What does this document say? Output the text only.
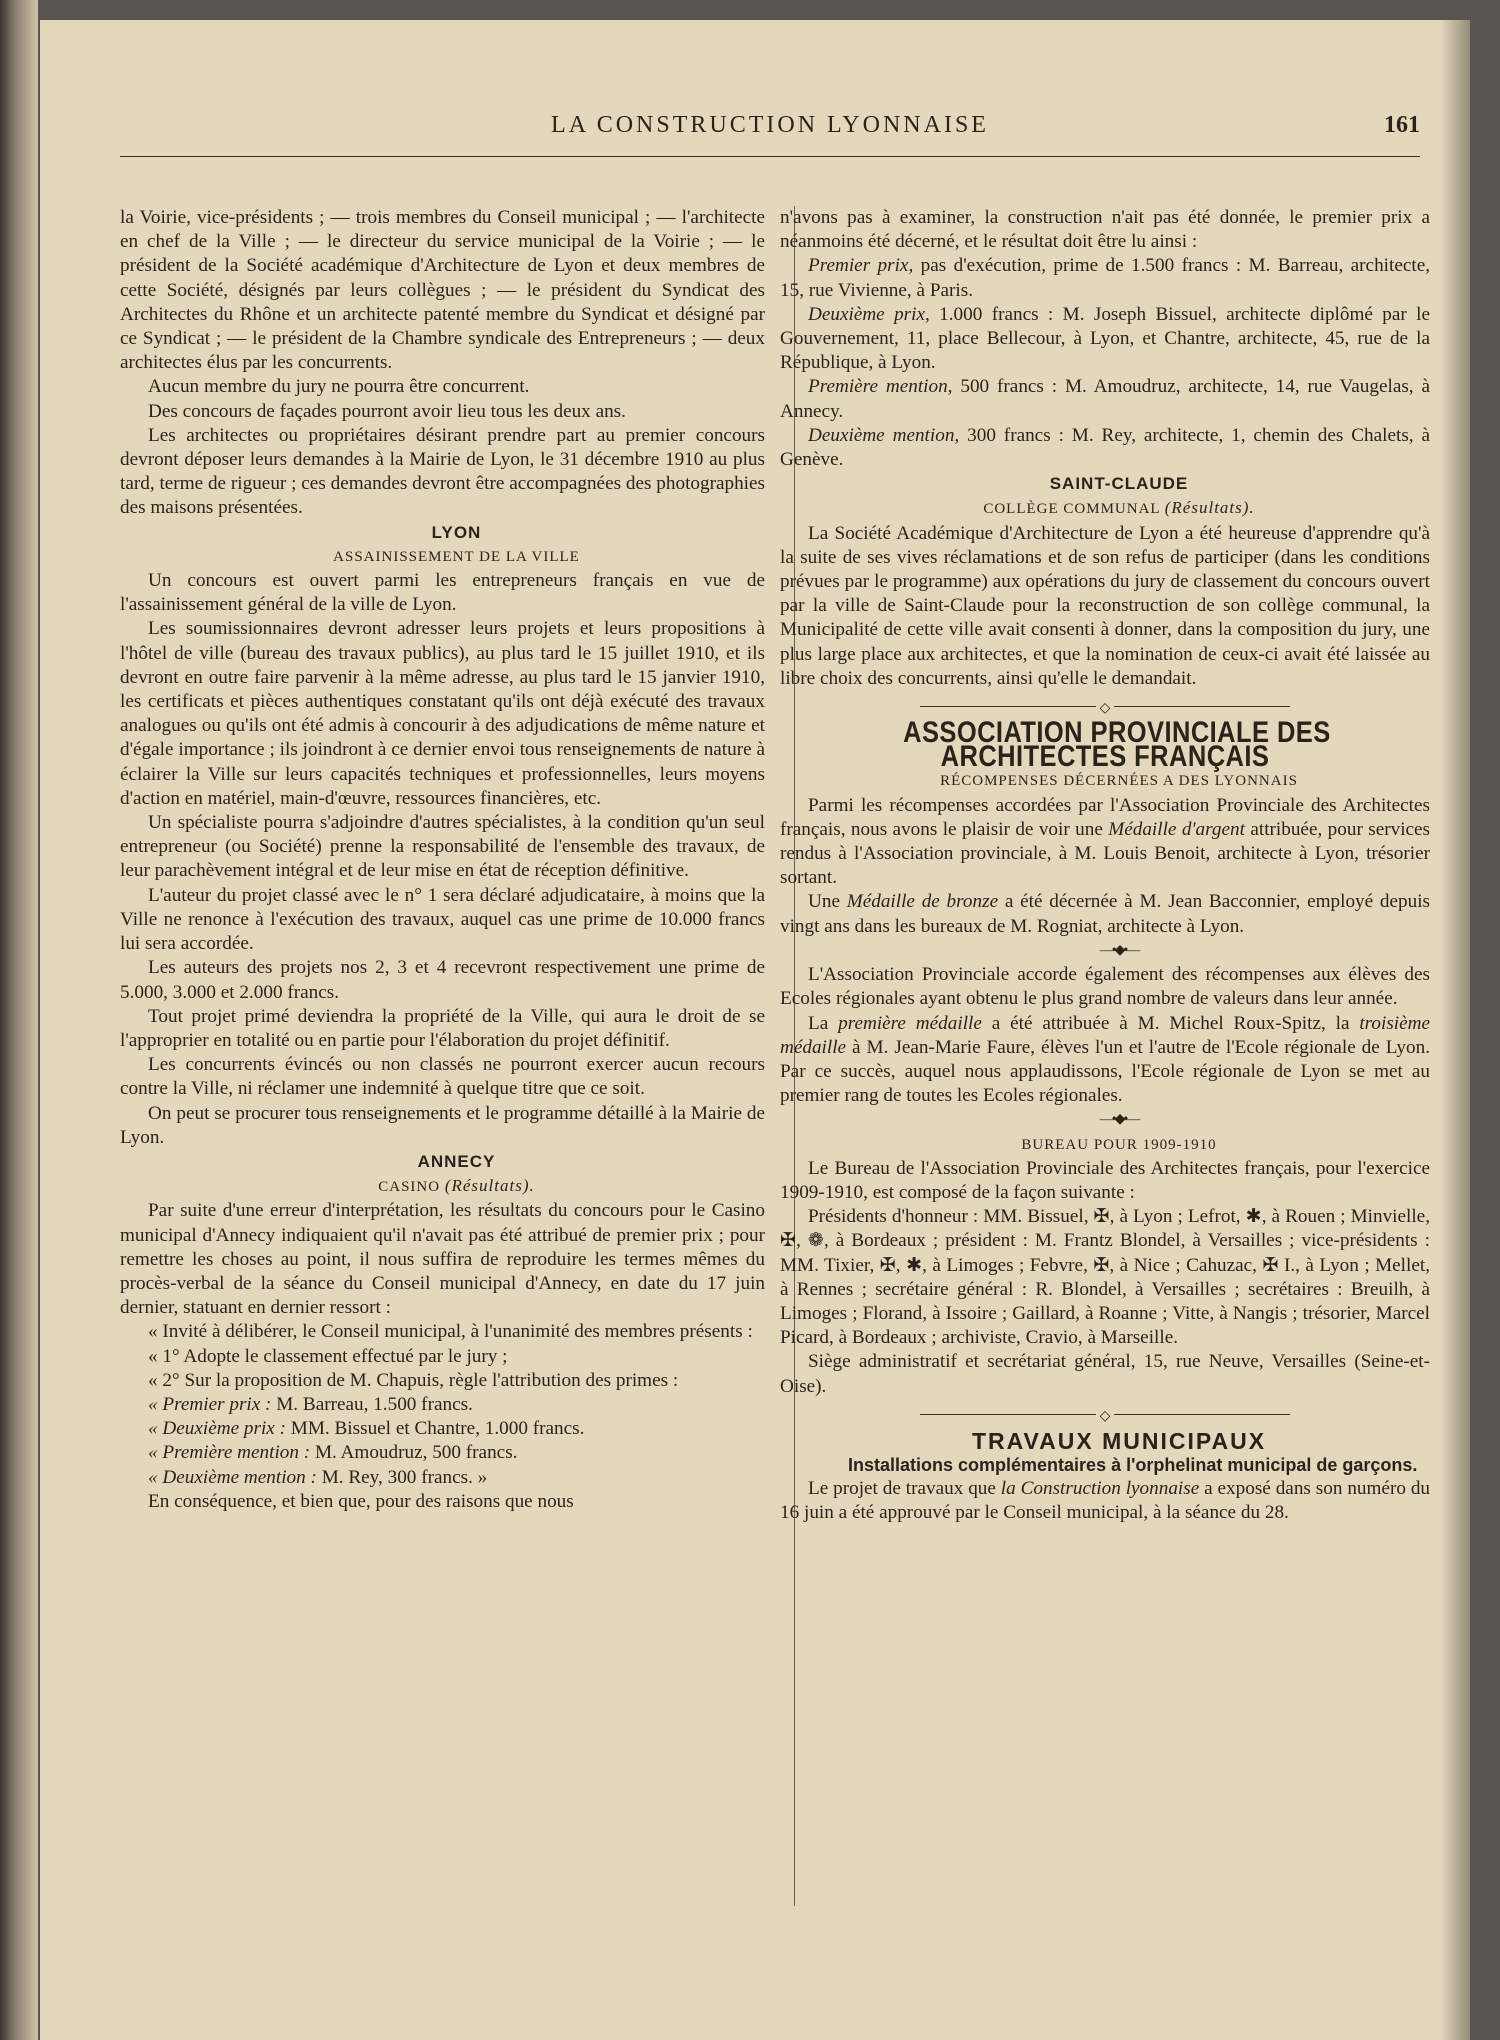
LA CONSTRUCTION LYONNAISE	161

la Voirie, vice-présidents ; — trois membres du Conseil municipal ; — l'architecte en chef de la Ville ; — le directeur du service municipal de la Voirie ; — le président de la Société académique d'Architecture de Lyon et deux membres de cette Société, désignés par leurs collègues ; — le président du Syndicat des Architectes du Rhône et un architecte patenté membre du Syndicat et désigné par ce Syndicat ; — le président de la Chambre syndicale des Entrepreneurs ; — deux architectes élus par les concurrents.

Aucun membre du jury ne pourra être concurrent.

Des concours de façades pourront avoir lieu tous les deux ans.

Les architectes ou propriétaires désirant prendre part au premier concours devront déposer leurs demandes à la Mairie de Lyon, le 31 décembre 1910 au plus tard, terme de rigueur ; ces demandes devront être accompagnées des photographies des maisons présentées.

LYON

ASSAINISSEMENT DE LA VILLE

Un concours est ouvert parmi les entrepreneurs français en vue de l'assainissement général de la ville de Lyon.

Les soumissionnaires devront adresser leurs projets et leurs propositions à l'hôtel de ville (bureau des travaux publics), au plus tard le 15 juillet 1910, et ils devront en outre faire parvenir à la même adresse, au plus tard le 15 janvier 1910, les certificats et pièces authentiques constatant qu'ils ont déjà exécuté des travaux analogues ou qu'ils ont été admis à concourir à des adjudications de même nature et d'égale importance ; ils joindront à ce dernier envoi tous renseignements de nature à éclairer la Ville sur leurs capacités techniques et professionnelles, leurs moyens d'action en matériel, main-d'œuvre, ressources financières, etc.

Un spécialiste pourra s'adjoindre d'autres spécialistes, à la condition qu'un seul entrepreneur (ou Société) prenne la responsabilité de l'ensemble des travaux, de leur parachèvement intégral et de leur mise en état de réception définitive.

L'auteur du projet classé avec le n° 1 sera déclaré adjudicataire, à moins que la Ville ne renonce à l'exécution des travaux, auquel cas une prime de 10.000 francs lui sera accordée.

Les auteurs des projets nos 2, 3 et 4 recevront respectivement une prime de 5.000, 3.000 et 2.000 francs.

Tout projet primé deviendra la propriété de la Ville, qui aura le droit de se l'approprier en totalité ou en partie pour l'élaboration du projet définitif.

Les concurrents évincés ou non classés ne pourront exercer aucun recours contre la Ville, ni réclamer une indemnité à quelque titre que ce soit.

On peut se procurer tous renseignements et le programme détaillé à la Mairie de Lyon.

ANNECY

CASINO (Résultats).

Par suite d'une erreur d'interprétation, les résultats du concours pour le Casino municipal d'Annecy indiquaient qu'il n'avait pas été attribué de premier prix ; pour remettre les choses au point, il nous suffira de reproduire les termes mêmes du procès-verbal de la séance du Conseil municipal d'Annecy, en date du 17 juin dernier, statuant en dernier ressort :

« Invité à délibérer, le Conseil municipal, à l'unanimité des membres présents :

« 1° Adopte le classement effectué par le jury ;

« 2° Sur la proposition de M. Chapuis, règle l'attribution des primes :

« Premier prix : M. Barreau, 1.500 francs.

« Deuxième prix : MM. Bissuel et Chantre, 1.000 francs.

« Première mention : M. Amoudruz, 500 francs.

« Deuxième mention : M. Rey, 300 francs. »

En conséquence, et bien que, pour des raisons que nous

n'avons pas à examiner, la construction n'ait pas été donnée, le premier prix a néanmoins été décerné, et le résultat doit être lu ainsi :

Premier prix, pas d'exécution, prime de 1.500 francs : M. Barreau, architecte, 15, rue Vivienne, à Paris.

Deuxième prix, 1.000 francs : M. Joseph Bissuel, architecte diplômé par le Gouvernement, 11, place Bellecour, à Lyon, et Chantre, architecte, 45, rue de la République, à Lyon.

Première mention, 500 francs : M. Amoudruz, architecte, 14, rue Vaugelas, à Annecy.

Deuxième mention, 300 francs : M. Rey, architecte, 1, chemin des Chalets, à Genève.

SAINT-CLAUDE

COLLÈGE COMMUNAL (Résultats).

La Société Académique d'Architecture de Lyon a été heureuse d'apprendre qu'à la suite de ses vives réclamations et de son refus de participer (dans les conditions prévues par le programme) aux opérations du jury de classement du concours ouvert par la ville de Saint-Claude pour la reconstruction de son collège communal, la Municipalité de cette ville avait consenti à donner, dans la composition du jury, une plus large place aux architectes, et que la nomination de ceux-ci avait été laissée au libre choix des concurrents, ainsi qu'elle le demandait.

◇

ASSOCIATION PROVINCIALE DES ARCHITECTES FRANÇAIS

RÉCOMPENSES DÉCERNÉES A DES LYONNAIS

Parmi les récompenses accordées par l'Association Provinciale des Architectes français, nous avons le plaisir de voir une Médaille d'argent attribuée, pour services rendus à l'Association provinciale, à M. Louis Benoit, architecte à Lyon, trésorier sortant.

Une Médaille de bronze a été décernée à M. Jean Bacconnier, employé depuis vingt ans dans les bureaux de M. Rogniat, architecte à Lyon.

—•◆•—

L'Association Provinciale accorde également des récompenses aux élèves des Ecoles régionales ayant obtenu le plus grand nombre de valeurs dans leur année.

La première médaille a été attribuée à M. Michel Roux-Spitz, la troisième médaille à M. Jean-Marie Faure, élèves l'un et l'autre de l'Ecole régionale de Lyon. Par ce succès, auquel nous applaudissons, l'Ecole régionale de Lyon se met au premier rang de toutes les Ecoles régionales.

—•◆•—

BUREAU POUR 1909-1910

Le Bureau de l'Association Provinciale des Architectes français, pour l'exercice 1909-1910, est composé de la façon suivante :

Présidents d'honneur : MM. Bissuel, ✠, à Lyon ; Lefrot, ✱, à Rouen ; Minvielle, ✠, ❁, à Bordeaux ; président : M. Frantz Blondel, à Versailles ; vice-présidents : MM. Tixier, ✠, ✱, à Limoges ; Febvre, ✠, à Nice ; Cahuzac, ✠ I., à Lyon ; Mellet, à Rennes ; secrétaire général : R. Blondel, à Versailles ; secrétaires : Breuilh, à Limoges ; Florand, à Issoire ; Gaillard, à Roanne ; Vitte, à Nangis ; trésorier, Marcel Picard, à Bordeaux ; archiviste, Cravio, à Marseille.

Siège administratif et secrétariat général, 15, rue Neuve, Versailles (Seine-et-Oise).

◇

TRAVAUX MUNICIPAUX

Installations complémentaires à l'orphelinat municipal de garçons.

Le projet de travaux que la Construction lyonnaise a exposé dans son numéro du 16 juin a été approuvé par le Conseil municipal, à la séance du 28.
